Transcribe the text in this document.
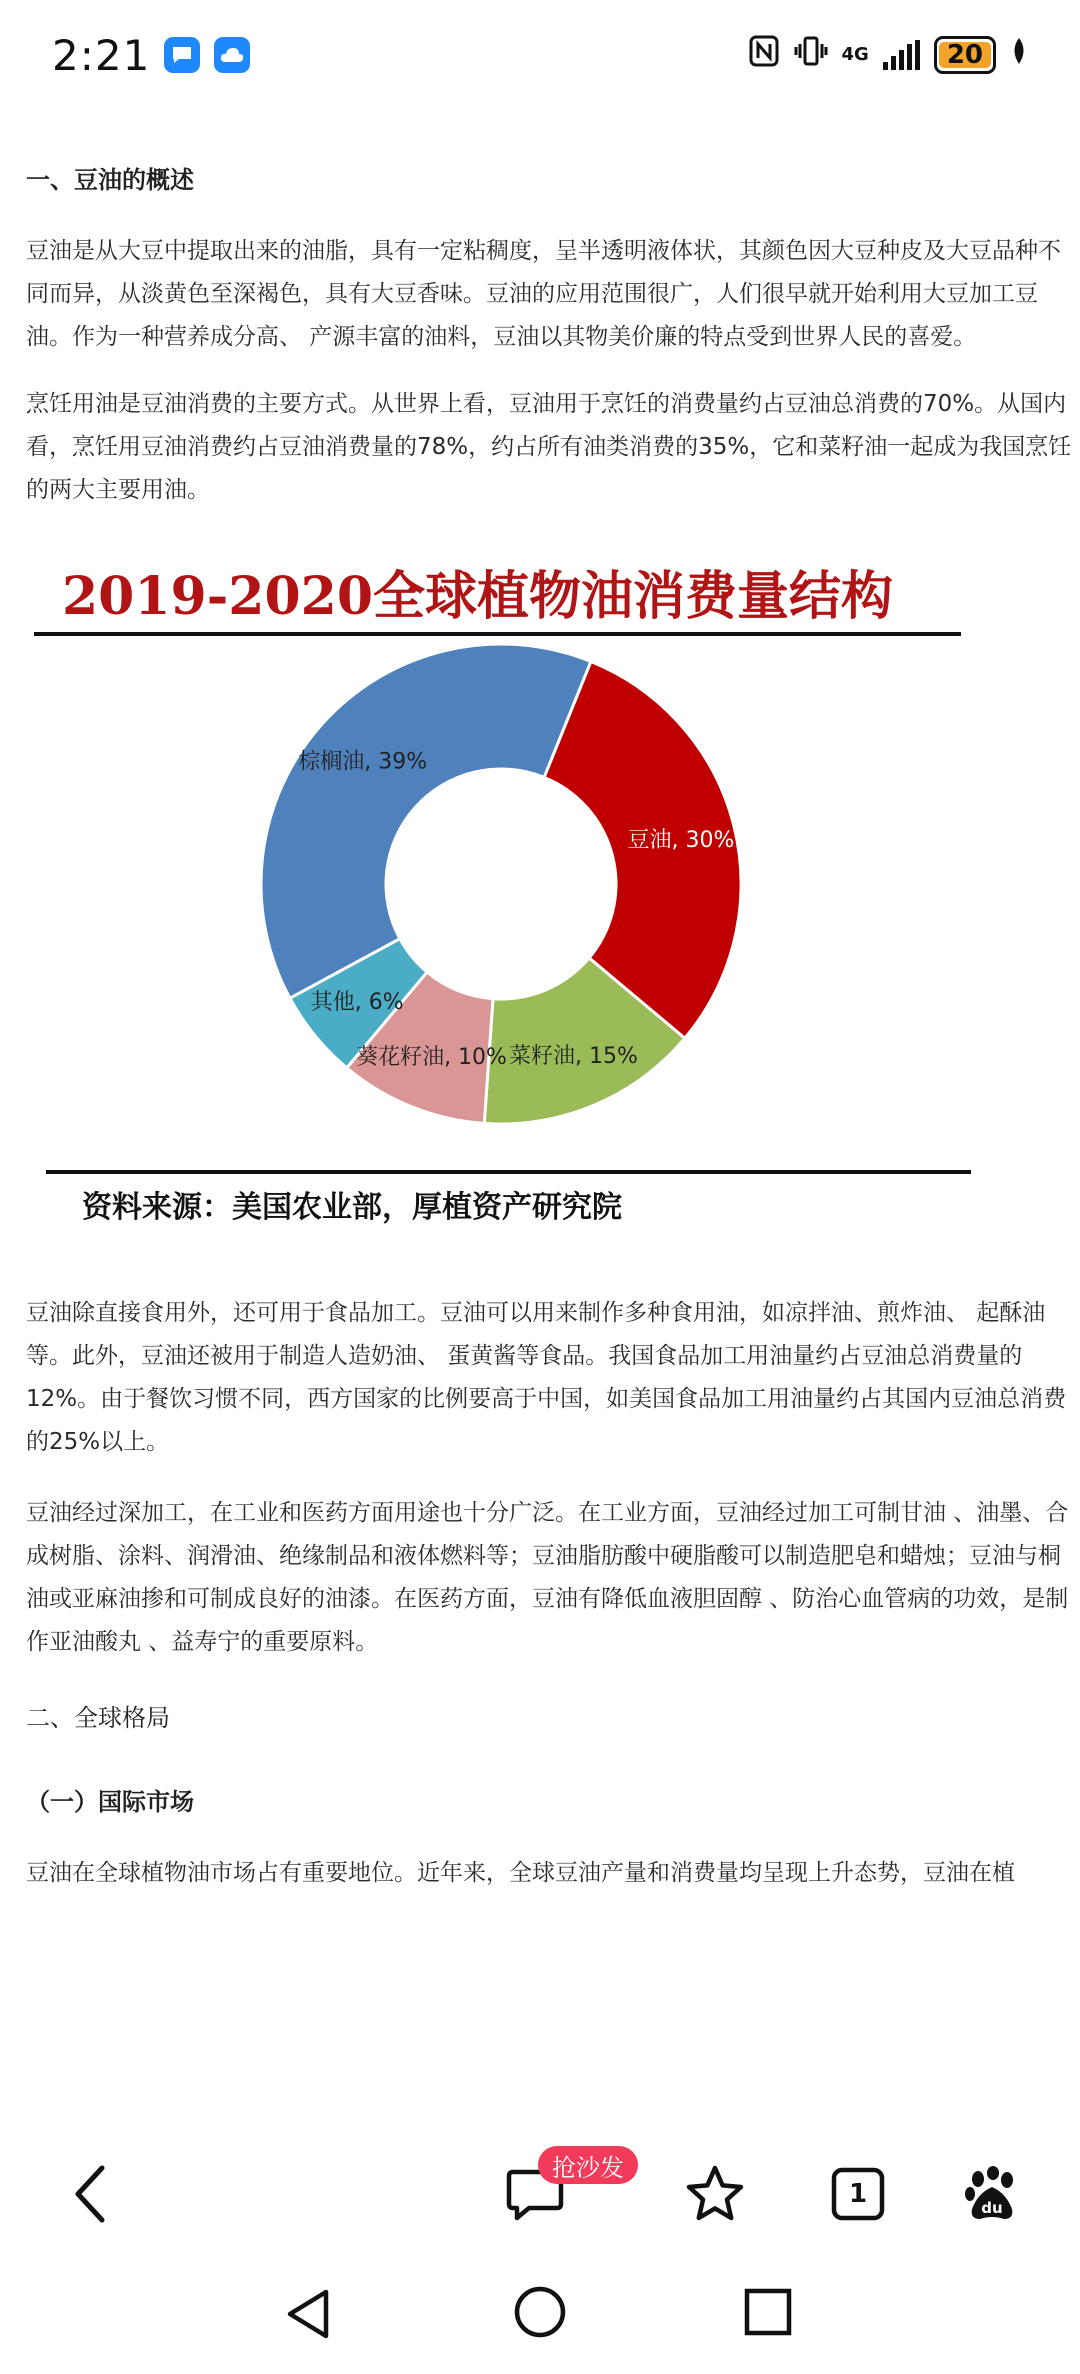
2:21	4G	20
一、豆油的概述

豆油是从大豆中提取出来的油脂，具有一定粘稠度，呈半透明液体状，其颜色因大豆种皮及大豆品种不同而异，从淡黄色至深褐色，具有大豆香味。豆油的应用范围很广，人们很早就开始利用大豆加工豆油。作为一种营养成分高、 产源丰富的油料，豆油以其物美价廉的特点受到世界人民的喜爱。

烹饪用油是豆油消费的主要方式。从世界上看，豆油用于烹饪的消费量约占豆油总消费的70%。从国内看，烹饪用豆油消费约占豆油消费量的78%，约占所有油类消费的35%，它和菜籽油一起成为我国烹饪的两大主要用油。

2019-2020全球植物油消费量结构
豆油, 30%
菜籽油, 15%
葵花籽油, 10%
其他, 6%
棕榈油, 39%
资料来源：美国农业部，厚植资产研究院

豆油除直接食用外，还可用于食品加工。豆油可以用来制作多种食用油，如凉拌油、煎炸油、 起酥油等。此外，豆油还被用于制造人造奶油、 蛋黄酱等食品。我国食品加工用油量约占豆油总消费量的12%。由于餐饮习惯不同，西方国家的比例要高于中国，如美国食品加工用油量约占其国内豆油总消费的25%以上。

豆油经过深加工，在工业和医药方面用途也十分广泛。在工业方面，豆油经过加工可制甘油 、油墨、合成树脂、涂料、润滑油、绝缘制品和液体燃料等；豆油脂肪酸中硬脂酸可以制造肥皂和蜡烛；豆油与桐油或亚麻油掺和可制成良好的油漆。在医药方面，豆油有降低血液胆固醇 、防治心血管病的功效，是制作亚油酸丸 、益寿宁的重要原料。

二、全球格局
（一）国际市场

豆油在全球植物油市场占有重要地位。近年来，全球豆油产量和消费量均呈现上升态势，豆油在植

1	du
抢沙发
